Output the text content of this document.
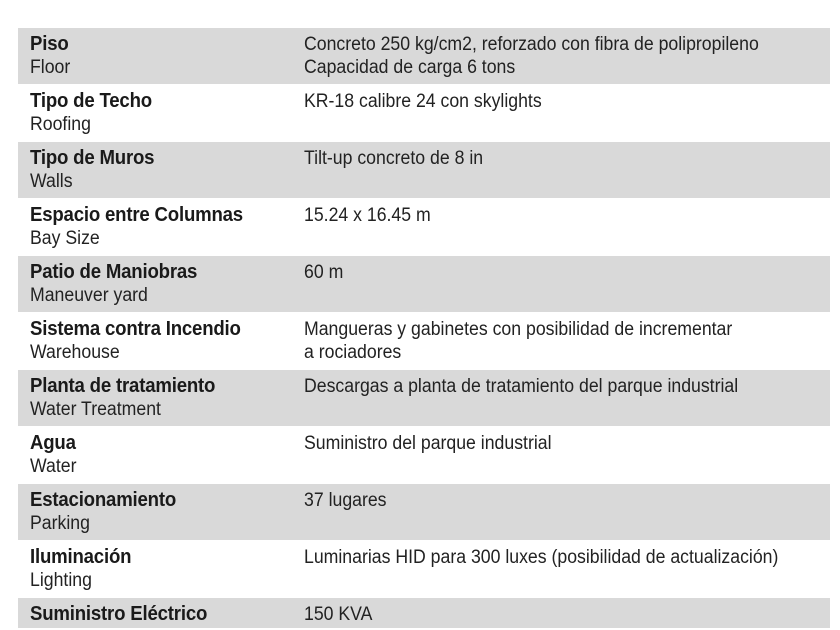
Piso
Floor
Concreto 250 kg/cm2, reforzado con fibra de polipropileno
Capacidad de carga 6 tons
Tipo de Techo
Roofing
KR-18 calibre 24 con skylights
Tipo de Muros
Walls
Tilt-up concreto de 8 in
Espacio entre Columnas
Bay Size
15.24 x 16.45 m
Patio de Maniobras
Maneuver yard
60 m
Sistema contra Incendio
Warehouse
Mangueras y gabinetes con posibilidad de incrementar
a rociadores
Planta de tratamiento
Water Treatment
Descargas a planta de tratamiento del parque industrial
Agua
Water
Suministro del parque industrial
Estacionamiento
Parking
37 lugares
Iluminación
Lighting
Luminarias HID para 300 luxes (posibilidad de actualización)
Suministro Eléctrico	150 KVA
